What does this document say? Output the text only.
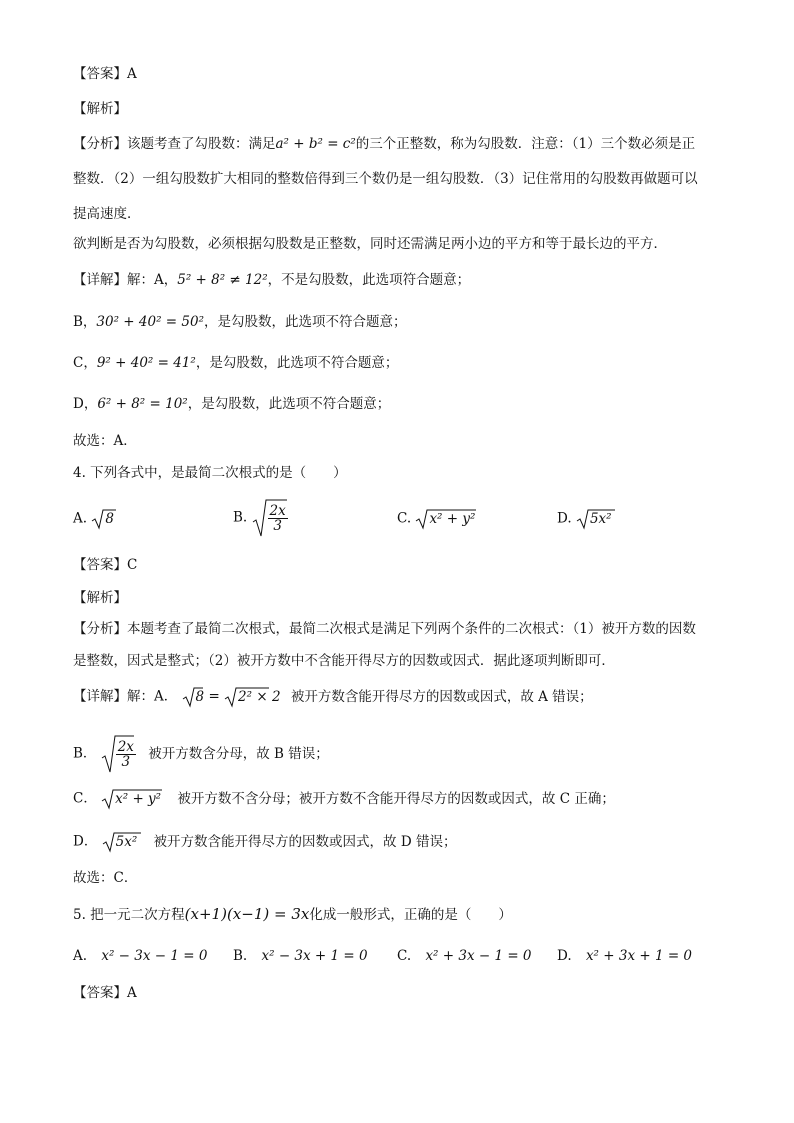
【答案】A
【解析】
【分析】该题考查了勾股数：满足a² + b² = c²的三个正整数，称为勾股数．注意：（1）三个数必须是正
整数．（2）一组勾股数扩大相同的整数倍得到三个数仍是一组勾股数．（3）记住常用的勾股数再做题可以
提高速度．
欲判断是否为勾股数，必须根据勾股数是正整数，同时还需满足两小边的平方和等于最长边的平方．
【详解】解：A，5² + 8² ≠ 12²，不是勾股数，此选项符合题意；
B，30² + 40² = 50²，是勾股数，此选项不符合题意；
C，9² + 40² = 41²，是勾股数，此选项不符合题意；
D，6² + 8² = 10²，是勾股数，此选项不符合题意；
故选：A．
4. 下列各式中，是最简二次根式的是（　　）
A. 8	B. $\frac{2x}{3}$	C. x² + y²	D. 5x²
【答案】C
【解析】
【分析】本题考查了最简二次根式，最简二次根式是满足下列两个条件的二次根式：（1）被开方数的因数
是整数，因式是整式；（2）被开方数中不含能开得尽方的因数或因式．据此逐项判断即可．
【详解】解：A． 8 = 2² × 2 被开方数含能开得尽方的因数或因式，故 A 错误；
B． $\frac{2x}{3}$ 被开方数含分母，故 B 错误；
C． x² + y² 被开方数不含分母；被开方数不含能开得尽方的因数或因式，故 C 正确；
D． 5x² 被开方数含能开得尽方的因数或因式，故 D 错误；
故选：C．
5. 把一元二次方程(x+1)(x−1) = 3x化成一般形式，正确的是（　　）
A. x² − 3x − 1 = 0 B. x² − 3x + 1 = 0 C. x² + 3x − 1 = 0 D. x² + 3x + 1 = 0
【答案】A
